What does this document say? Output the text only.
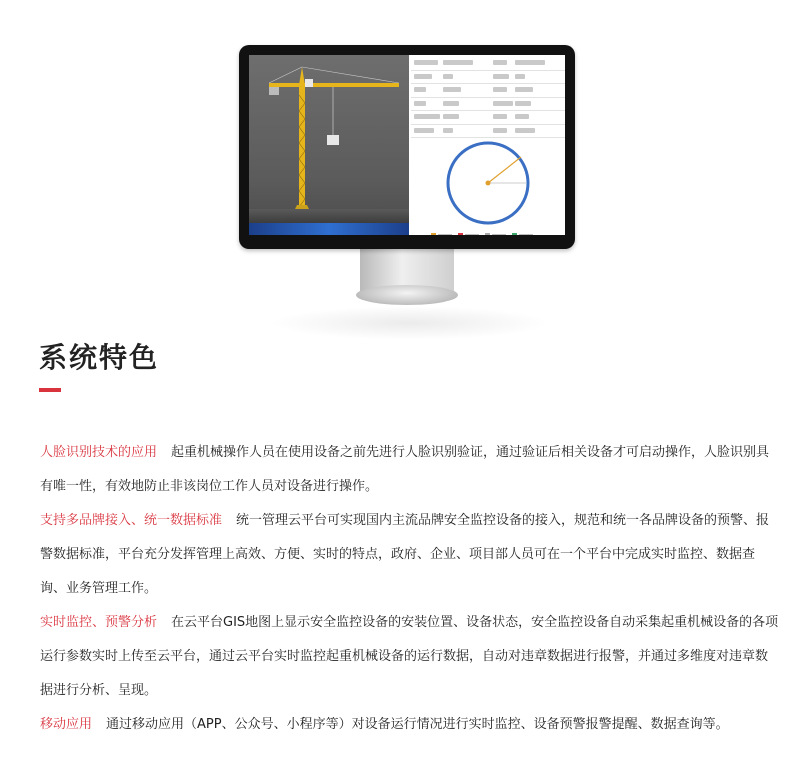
系统特色

人脸识别技术的应用 起重机械操作人员在使用设备之前先进行人脸识别验证，通过验证后相关设备才可启动操作，人脸识别具有唯一性，有效地防止非该岗位工作人员对设备进行操作。

支持多品牌接入、统一数据标准 统一管理云平台可实现国内主流品牌安全监控设备的接入，规范和统一各品牌设备的预警、报警数据标准，平台充分发挥管理上高效、方便、实时的特点，政府、企业、项目部人员可在一个平台中完成实时监控、数据查询、业务管理工作。

实时监控、预警分析 在云平台GIS地图上显示安全监控设备的安装位置、设备状态，安全监控设备自动采集起重机械设备的各项运行参数实时上传至云平台，通过云平台实时监控起重机械设备的运行数据，自动对违章数据进行报警，并通过多维度对违章数据进行分析、呈现。

移动应用 通过移动应用（APP、公众号、小程序等）对设备运行情况进行实时监控、设备预警报警提醒、数据查询等。
